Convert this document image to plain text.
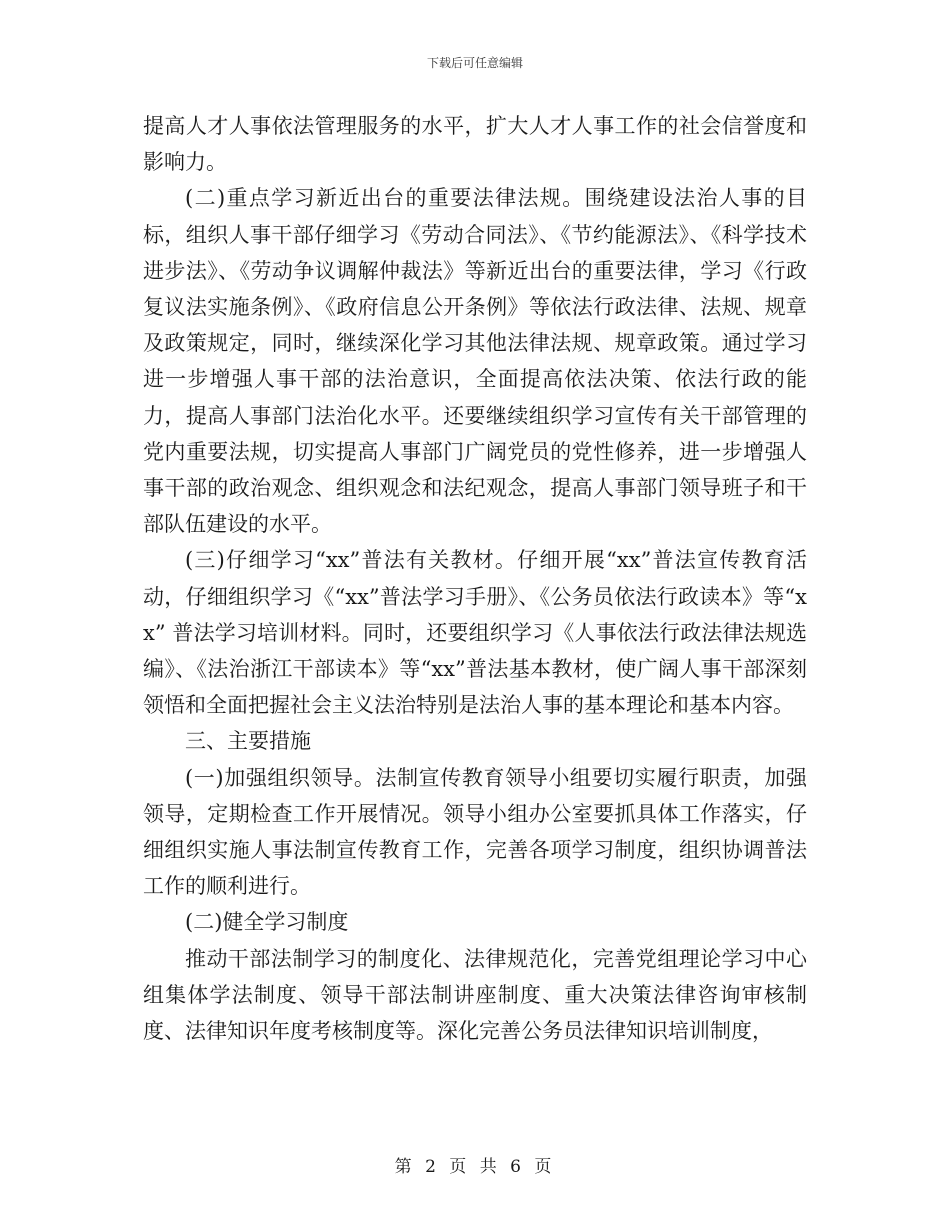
下载后可任意编辑

提高人才人事依法管理服务的水平，扩大人才人事工作的社会信誉度和影响力。

(二)重点学习新近出台的重要法律法规。围绕建设法治人事的目标，组织人事干部仔细学习《劳动合同法》、《节约能源法》、《科学技术进步法》、《劳动争议调解仲裁法》等新近出台的重要法律，学习《行政复议法实施条例》、《政府信息公开条例》等依法行政法律、法规、规章及政策规定，同时，继续深化学习其他法律法规、规章政策。通过学习进一步增强人事干部的法治意识，全面提高依法决策、依法行政的能力，提高人事部门法治化水平。还要继续组织学习宣传有关干部管理的党内重要法规，切实提高人事部门广阔党员的党性修养，进一步增强人事干部的政治观念、组织观念和法纪观念，提高人事部门领导班子和干部队伍建设的水平。

(三)仔细学习“xx”普法有关教材。仔细开展“xx”普法宣传教育活动，仔细组织学习《“xx”普法学习手册》、《公务员依法行政读本》等“xx” 普法学习培训材料。同时，还要组织学习《人事依法行政法律法规选编》、《法治浙江干部读本》等“xx”普法基本教材，使广阔人事干部深刻领悟和全面把握社会主义法治特别是法治人事的基本理论和基本内容。

三、主要措施

(一)加强组织领导。法制宣传教育领导小组要切实履行职责，加强领导，定期检查工作开展情况。领导小组办公室要抓具体工作落实，仔细组织实施人事法制宣传教育工作，完善各项学习制度，组织协调普法工作的顺利进行。

(二)健全学习制度

推动干部法制学习的制度化、法律规范化，完善党组理论学习中心组集体学法制度、领导干部法制讲座制度、重大决策法律咨询审核制度、法律知识年度考核制度等。深化完善公务员法律知识培训制度，

第 2 页 共 6 页
